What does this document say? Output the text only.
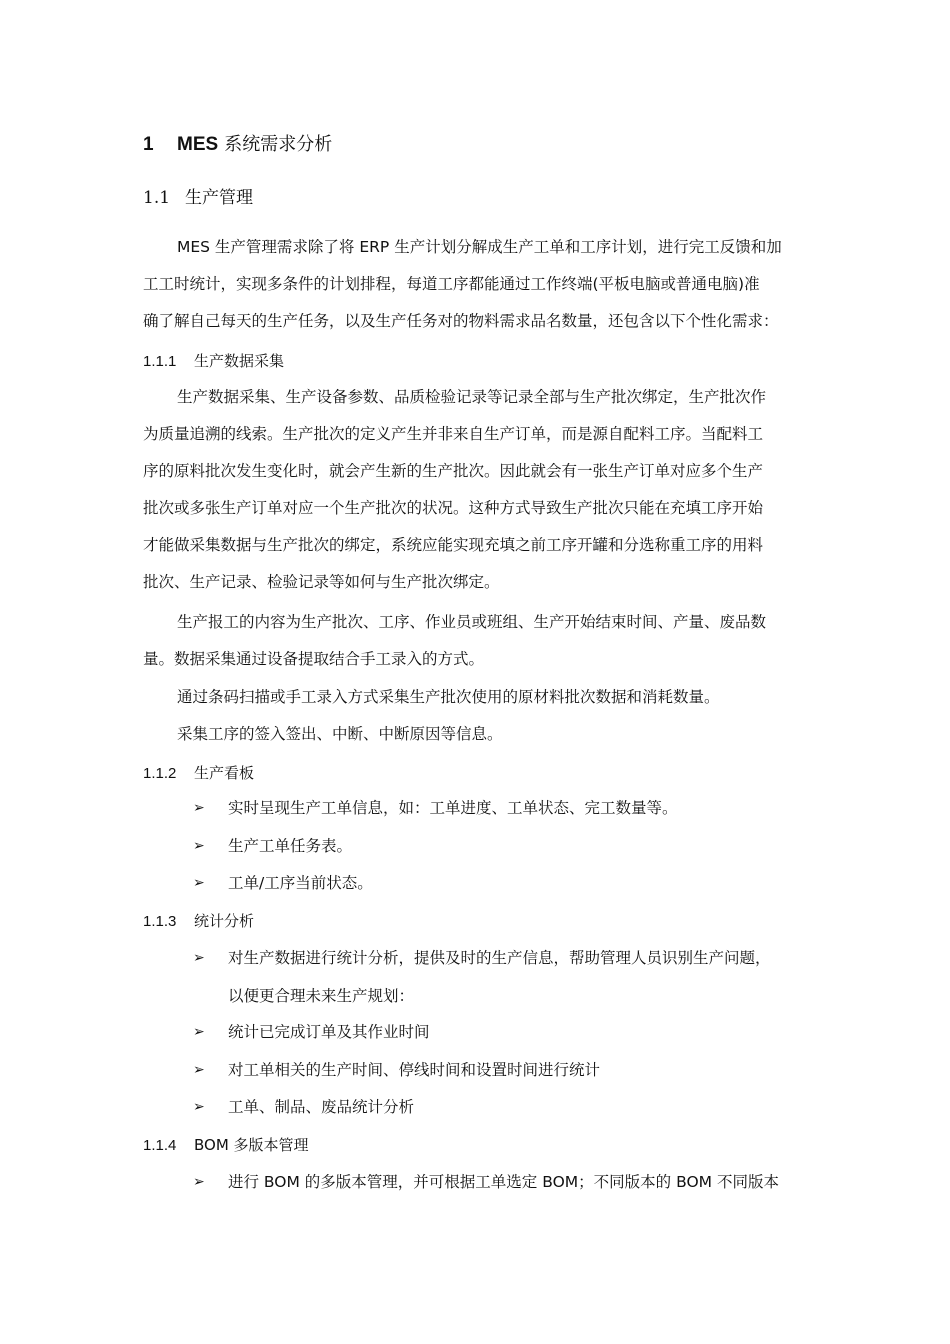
1 MES 系统需求分析
1.1 生产管理
MES 生产管理需求除了将 ERP 生产计划分解成生产工单和工序计划，进行完工反馈和加
工工时统计，实现多条件的计划排程，每道工序都能通过工作终端(平板电脑或普通电脑)准
确了解自己每天的生产任务，以及生产任务对的物料需求品名数量，还包含以下个性化需求：
1.1.1 生产数据采集
生产数据采集、生产设备参数、品质检验记录等记录全部与生产批次绑定，生产批次作
为质量追溯的线索。生产批次的定义产生并非来自生产订单，而是源自配料工序。当配料工
序的原料批次发生变化时，就会产生新的生产批次。因此就会有一张生产订单对应多个生产
批次或多张生产订单对应一个生产批次的状况。这种方式导致生产批次只能在充填工序开始
才能做采集数据与生产批次的绑定，系统应能实现充填之前工序开罐和分选称重工序的用料
批次、生产记录、检验记录等如何与生产批次绑定。
生产报工的内容为生产批次、工序、作业员或班组、生产开始结束时间、产量、废品数
量。数据采集通过设备提取结合手工录入的方式。
通过条码扫描或手工录入方式采集生产批次使用的原材料批次数据和消耗数量。
采集工序的签入签出、中断、中断原因等信息。
1.1.2 生产看板
➢ 实时呈现生产工单信息，如：工单进度、工单状态、完工数量等。
➢ 生产工单任务表。
➢ 工单/工序当前状态。
1.1.3 统计分析
➢ 对生产数据进行统计分析，提供及时的生产信息，帮助管理人员识别生产问题，
以便更合理未来生产规划：
➢ 统计已完成订单及其作业时间
➢ 对工单相关的生产时间、停线时间和设置时间进行统计
➢ 工单、制品、废品统计分析
1.1.4 BOM 多版本管理
➢ 进行 BOM 的多版本管理，并可根据工单选定 BOM；不同版本的 BOM 不同版本
